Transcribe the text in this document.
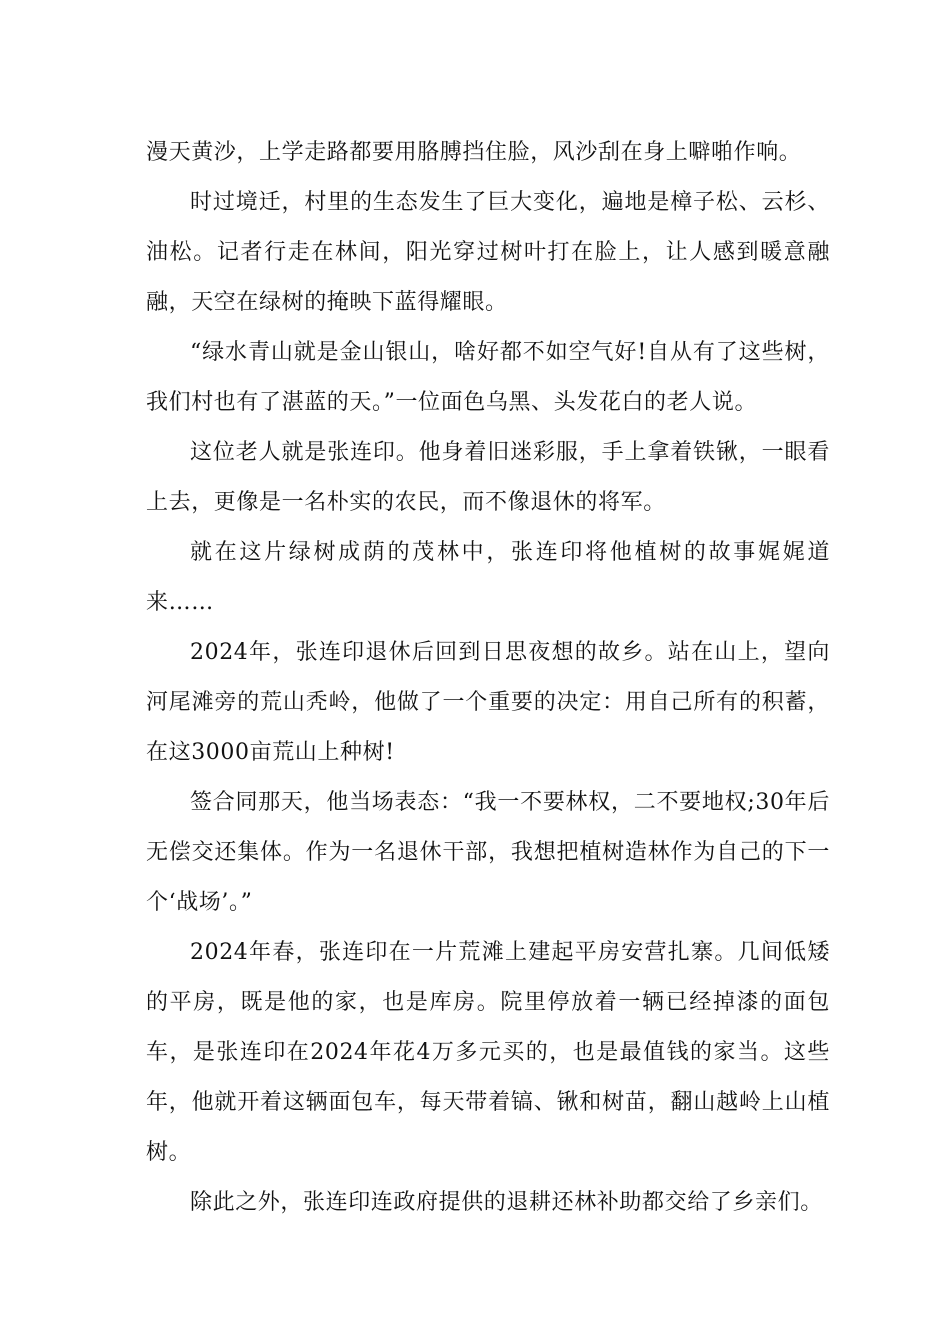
漫天黄沙，上学走路都要用胳膊挡住脸，风沙刮在身上噼啪作响。

时过境迁，村里的生态发生了巨大变化，遍地是樟子松、云杉、油松。记者行走在林间，阳光穿过树叶打在脸上，让人感到暖意融融，天空在绿树的掩映下蓝得耀眼。

“绿水青山就是金山银山，啥好都不如空气好!自从有了这些树，我们村也有了湛蓝的天。”一位面色乌黑、头发花白的老人说。

这位老人就是张连印。他身着旧迷彩服，手上拿着铁锹，一眼看上去，更像是一名朴实的农民，而不像退休的将军。

就在这片绿树成荫的茂林中，张连印将他植树的故事娓娓道来……

2024年，张连印退休后回到日思夜想的故乡。站在山上，望向河尾滩旁的荒山秃岭，他做了一个重要的决定：用自己所有的积蓄，在这3000亩荒山上种树!

签合同那天，他当场表态：“我一不要林权，二不要地权;30年后无偿交还集体。作为一名退休干部，我想把植树造林作为自己的下一个‘战场’。”

2024年春，张连印在一片荒滩上建起平房安营扎寨。几间低矮的平房，既是他的家，也是库房。院里停放着一辆已经掉漆的面包车，是张连印在2024年花4万多元买的，也是最值钱的家当。这些年，他就开着这辆面包车，每天带着镐、锹和树苗，翻山越岭上山植树。

除此之外，张连印连政府提供的退耕还林补助都交给了乡亲们。
